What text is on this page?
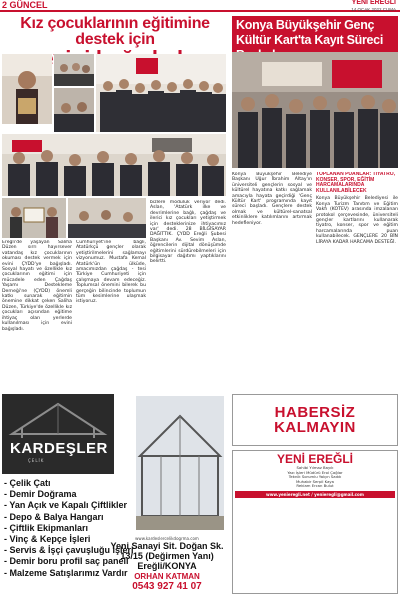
2 GÜNCEL	YENİ EREĞLİ
14 OCAK 2022 CUMA
Kız çocuklarının eğitimine destek için
Ereğli'de yaşayan Saliha Düzen sırrı hayırsever vatandaş kız çocuklarının okuması destek vermek için evini ÇYDD'ye bağışladı. Sosyal hayatı ve özellikle kız çocuklarının eğitimi için mücadele eden Çağdaş Yaşamı Destekleme Derneği'ne (ÇYDD) önemli katkı sunarak eğitimin önemine dikkat çeken Saliha Düzen, Türkiye'de özellikle kız çocukları açısından eğitime ihtiyaç olan yerlerde kullanılması için evini bağışladı.
Cumhuriyet'ine bağlı, Atatürkçü gençler olarak yetiştirilmelerini sağlamayı vizyonumuz. Mustafa Kemal Atatürk'ün ülküde, amacımızdan çağdaş - tesi Türkiye Cumhuriyeti için çalışmaya devam edeceğiz. Toplumsal önemini bilerek bu gerçeğin bilincinde toplumun tüm kesimlerine ulaşmak istiyoruz.
bizlere moduluk veriyor dedi. Aslan, 'Atatürk ilke ve devrimlerine bağlı, çağdaş ve ilerici kız çocukları yetiştirmek için desteklerinize ihtiyacımız var' dedi. 28 BİLGİSAYAR DAĞITTIK. ÇYDD Ereğli Şubesi Başkanı Av. Sevim Aslan, öğrencilerin dijital dönüşümde eğitimlerini sürdürebilmeleri için bilgisayar dağıtımı yaptıklarını belirtti.
Konya Büyükşehir Genç Kültür Kart'ta Kayıt Süreci
Konya Büyükşehir Belediye Başkanı Uğur İbrahim Altay'ın üniversiteli gençlerin sosyal ve kültürel hayatına katkı sağlamak amacıyla hayata geçirdiği 'Genç Kültür Kart' programında kayıt süreci başladı. Gençlere destek olmak ve kültürel-sanatsal etkinliklere katılımlarını artırmak hedefleniyor.
TOPLANAN PUANLAR: TİYATRO, KONSER, SPOR, EĞİTİM HARCAMALARINDA KULLANILABİLECEK
Konya Büyükşehir Belediyesi ile Konya Turizm Tanıtım ve Eğitim Vakfı (KOTEV) arasında imzalanan protokol çerçevesinde, üniversiteli gençler kartlarını kullanarak tiyatro, konser, spor ve eğitim harcamalarında puan kullanabilecek. GENÇLERE 20 BİN LİRAYA KADAR HARCAMA DESTEĞİ.
KARDEŞLER
ÇELİK
- Çelik Çatı
- Demir Doğrama
- Yan Açık ve Kapalı Çiftlikler
- Depo & Balya Hangarı
- Çiftlik Ekipmanları
- Vinç & Kepçe İşleri
- Servis & İşçi çavuşluğu işleri
- Demir boru profil saç paneli
- Malzeme Satışlarımız Vardır
www.kardeslercelikdogrma.com
Yeni Sanayi Sit. Doğan Sk. 13/15 (Değirmen Yanı) Ereğli/KONYA
ORHAN KATMAN
0543 927 41 07
HABERSİZ
KALMAYIN
YENİ EREĞLİ
Sahibi Yılmaz Bayık
Yazı İşleri Müdürü Erol Çağlar
Teknik Sorumlu Yalçın Sadık
Muhabir Serpil Kaya
Reklam Ercan Bulut
www.yenieregli.net / yenieregli@gmail.com
